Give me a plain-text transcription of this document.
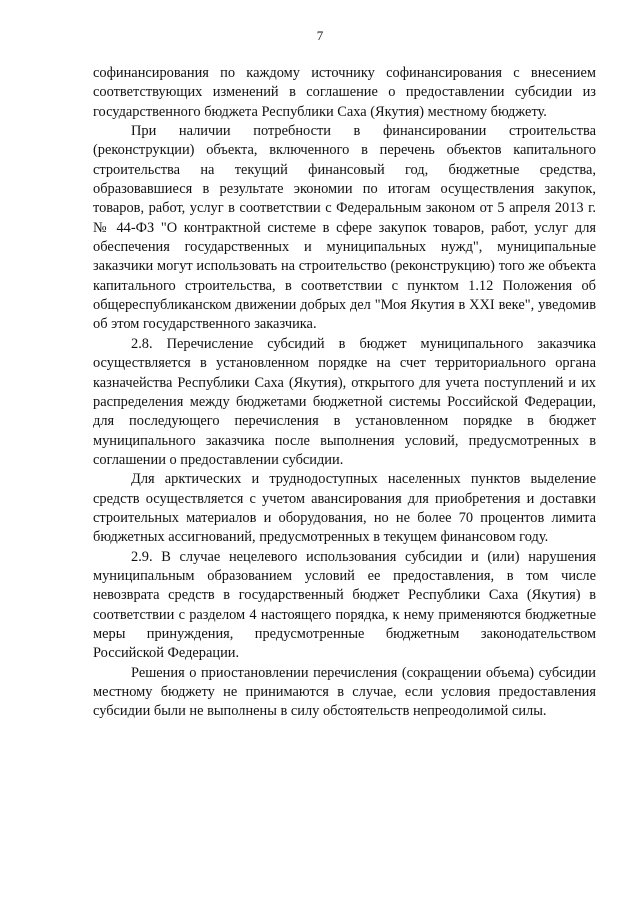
7

софинансирования по каждому источнику софинансирования с внесением соответствующих изменений в соглашение о предоставлении субсидии из государственного бюджета Республики Саха (Якутия) местному бюджету.

При наличии потребности в финансировании строительства (реконструкции) объекта, включенного в перечень объектов капитального строительства на текущий финансовый год, бюджетные средства, образовавшиеся в результате экономии по итогам осуществления закупок, товаров, работ, услуг в соответствии с Федеральным законом от 5 апреля 2013 г. № 44-ФЗ "О контрактной системе в сфере закупок товаров, работ, услуг для обеспечения государственных и муниципальных нужд", муниципальные заказчики могут использовать на строительство (реконструкцию) того же объекта капитального строительства, в соответствии с пунктом 1.12 Положения об общереспубликанском движении добрых дел "Моя Якутия в XXI веке", уведомив об этом государственного заказчика.

2.8. Перечисление субсидий в бюджет муниципального заказчика осуществляется в установленном порядке на счет территориального органа казначейства Республики Саха (Якутия), открытого для учета поступлений и их распределения между бюджетами бюджетной системы Российской Федерации, для последующего перечисления в установленном порядке в бюджет муниципального заказчика после выполнения условий, предусмотренных в соглашении о предоставлении субсидии.

Для арктических и труднодоступных населенных пунктов выделение средств осуществляется с учетом авансирования для приобретения и доставки строительных материалов и оборудования, но не более 70 процентов лимита бюджетных ассигнований, предусмотренных в текущем финансовом году.

2.9. В случае нецелевого использования субсидии и (или) нарушения муниципальным образованием условий ее предоставления, в том числе невозврата средств в государственный бюджет Республики Саха (Якутия) в соответствии с разделом 4 настоящего порядка, к нему применяются бюджетные меры принуждения, предусмотренные бюджетным законодательством Российской Федерации.

Решения о приостановлении перечисления (сокращении объема) субсидии местному бюджету не принимаются в случае, если условия предоставления субсидии были не выполнены в силу обстоятельств непреодолимой силы.
